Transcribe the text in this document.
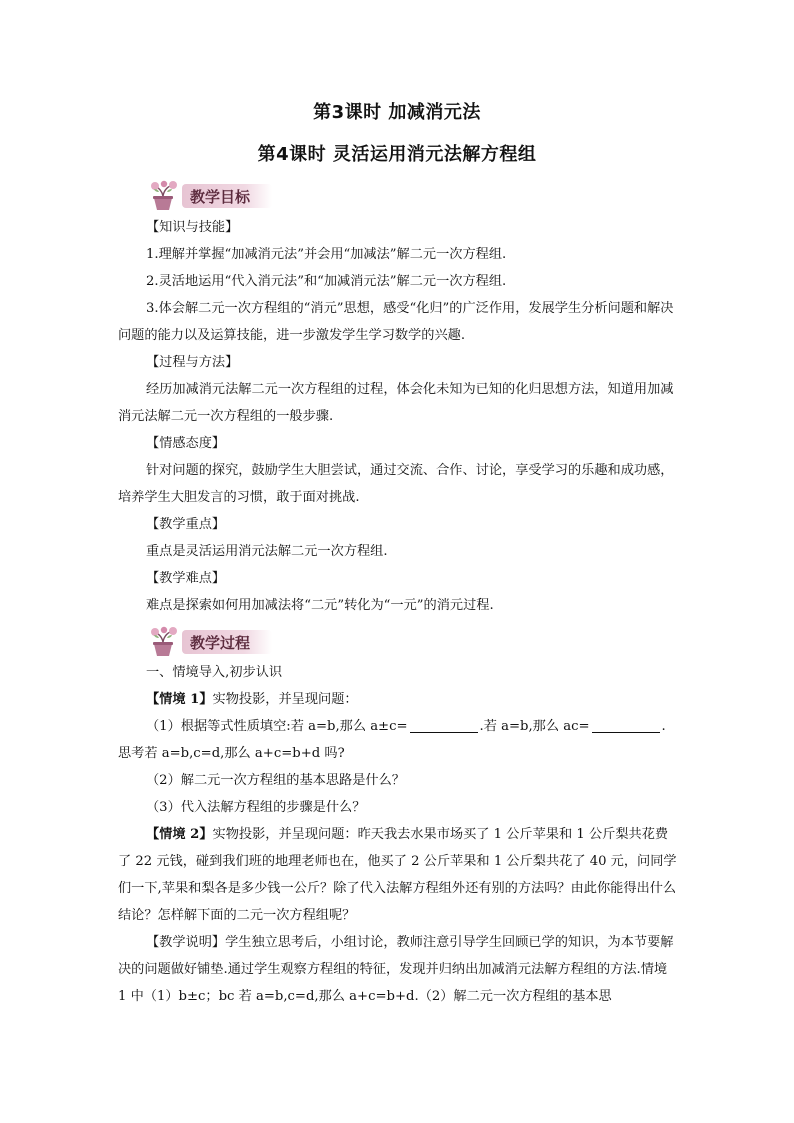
第3课时 加减消元法
第4课时 灵活运用消元法解方程组
教学目标
教学过程

【知识与技能】

1.理解并掌握“加减消元法”并会用“加减法”解二元一次方程组.

2.灵活地运用“代入消元法”和“加减消元法”解二元一次方程组.

3.体会解二元一次方程组的“消元”思想，感受“化归”的广泛作用，发展学生分析问题和解决问题的能力以及运算技能，进一步激发学生学习数学的兴趣.

【过程与方法】

经历加减消元法解二元一次方程组的过程，体会化未知为已知的化归思想方法，知道用加减消元法解二元一次方程组的一般步骤.

【情感态度】

针对问题的探究，鼓励学生大胆尝试，通过交流、合作、讨论，享受学习的乐趣和成功感，培养学生大胆发言的习惯，敢于面对挑战.

【教学重点】

重点是灵活运用消元法解二元一次方程组.

【教学难点】

难点是探索如何用加减法将“二元”转化为“一元”的消元过程.

一、情境导入,初步认识

【情境 1】实物投影，并呈现问题：

（1）根据等式性质填空:若 a=b,那么 a±c=	.若 a=b,那么 ac=	.

思考若 a=b,c=d,那么 a+c=b+d 吗?

（2）解二元一次方程组的基本思路是什么？

（3）代入法解方程组的步骤是什么？

【情境 2】实物投影，并呈现问题：昨天我去水果市场买了 1 公斤苹果和 1 公斤梨共花费了 22 元钱，碰到我们班的地理老师也在，他买了 2 公斤苹果和 1 公斤梨共花了 40 元，问同学们一下,苹果和梨各是多少钱一公斤？除了代入法解方程组外还有别的方法吗？由此你能得出什么结论？怎样解下面的二元一次方程组呢？

【教学说明】学生独立思考后，小组讨论，教师注意引导学生回顾已学的知识，为本节要解决的问题做好铺垫.通过学生观察方程组的特征，发现并归纳出加减消元法解方程组的方法.情境 1 中（1）b±c；bc 若 a=b,c=d,那么 a+c=b+d.（2）解二元一次方程组的基本思
